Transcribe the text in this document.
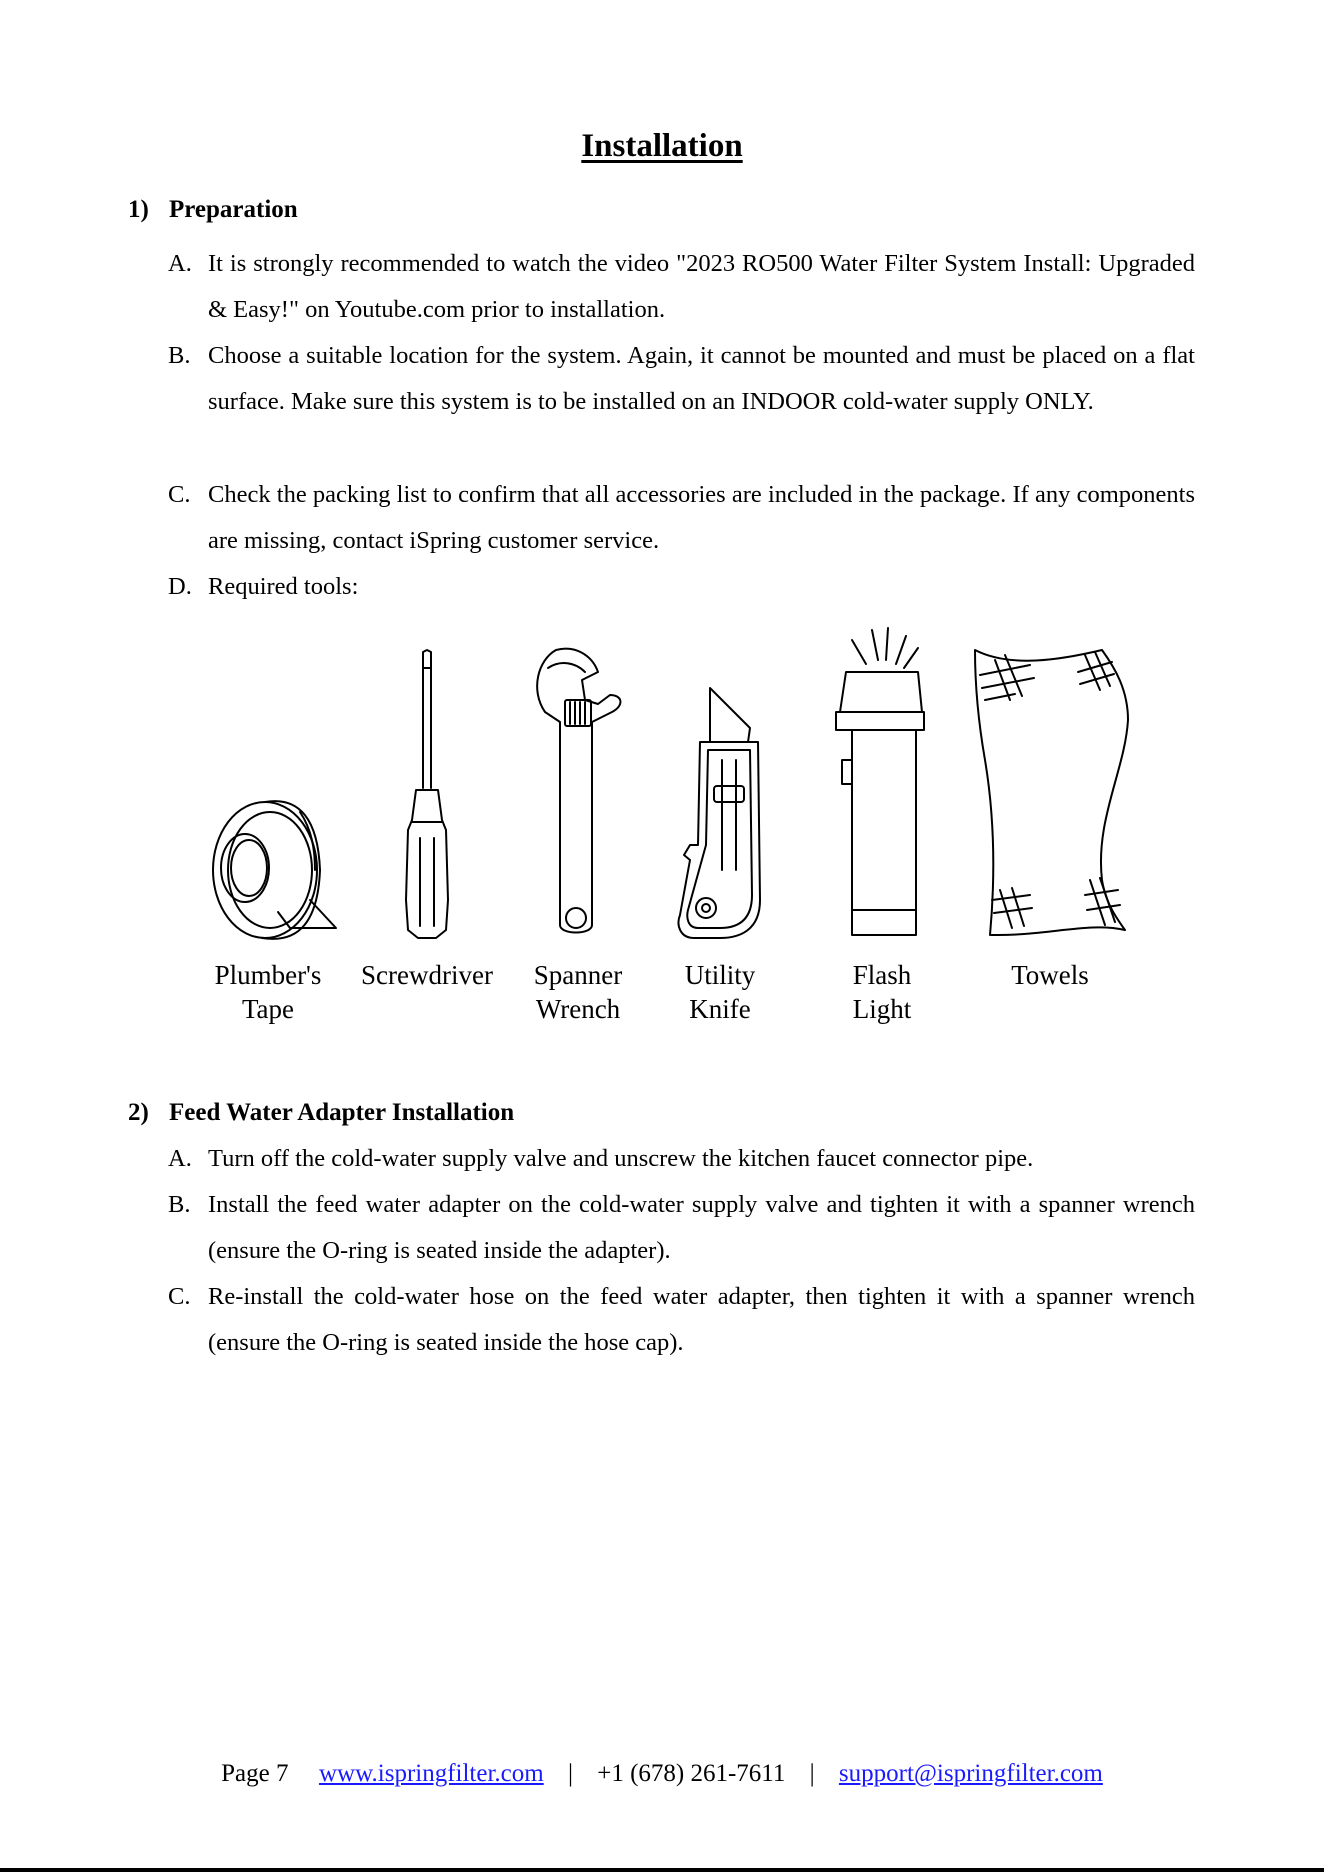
Installation
1) Preparation
A. It is strongly recommended to watch the video "2023 RO500 Water Filter System Install: Upgraded & Easy!" on Youtube.com prior to installation.
B. Choose a suitable location for the system. Again, it cannot be mounted and must be placed on a flat surface. Make sure this system is to be installed on an INDOOR cold-water supply ONLY.
C. Check the packing list to confirm that all accessories are included in the package. If any components are missing, contact iSpring customer service.
D. Required tools:
Plumber's
Tape
Screwdriver	Spanner
Wrench
Utility
Knife
Flash
Light
Towels
2) Feed Water Adapter Installation
A. Turn off the cold-water supply valve and unscrew the kitchen faucet connector pipe.
B. Install the feed water adapter on the cold-water supply valve and tighten it with a spanner wrench (ensure the O-ring is seated inside the adapter).
C. Re-install the cold-water hose on the feed water adapter, then tighten it with a spanner wrench (ensure the O-ring is seated inside the hose cap).
Page 7 www.ispringfilter.com | +1 (678) 261-7611 | support@ispringfilter.com
